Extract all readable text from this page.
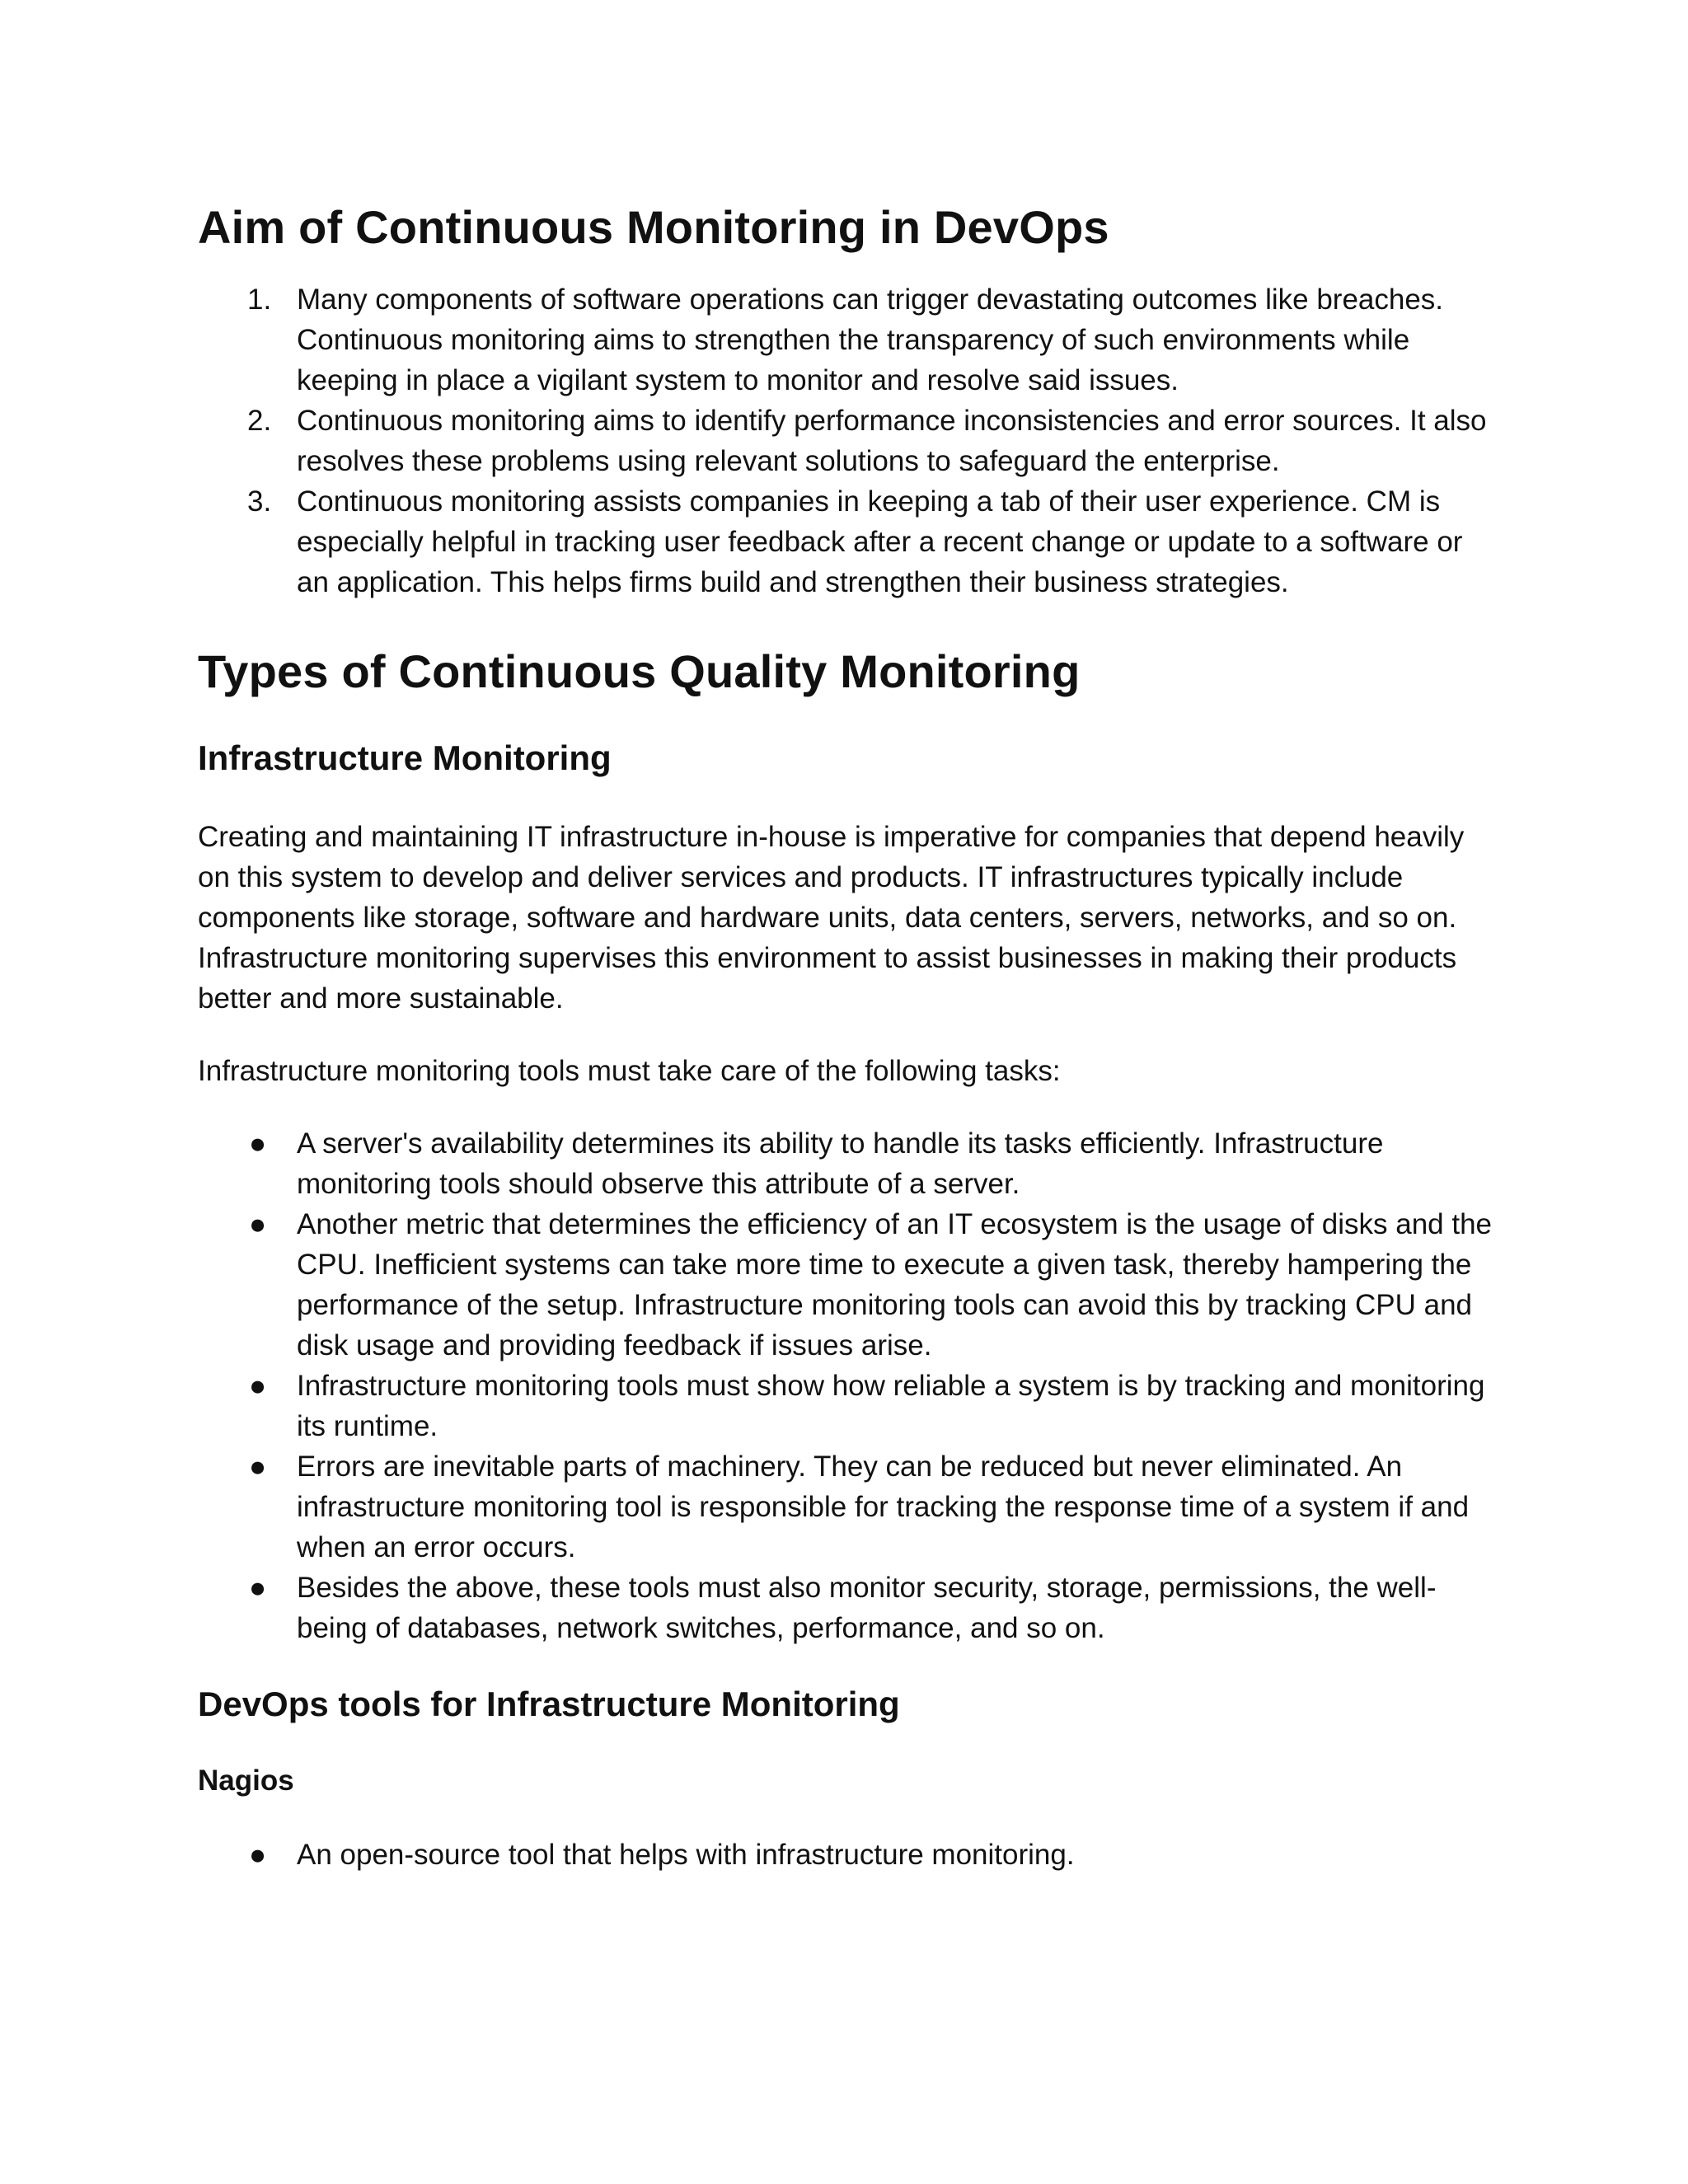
Aim of Continuous Monitoring in DevOps
1. Many components of software operations can trigger devastating outcomes like breaches. Continuous monitoring aims to strengthen the transparency of such environments while keeping in place a vigilant system to monitor and resolve said issues.
2. Continuous monitoring aims to identify performance inconsistencies and error sources. It also resolves these problems using relevant solutions to safeguard the enterprise.
3. Continuous monitoring assists companies in keeping a tab of their user experience. CM is especially helpful in tracking user feedback after a recent change or update to a software or an application. This helps firms build and strengthen their business strategies.
Types of Continuous Quality Monitoring
Infrastructure Monitoring

Creating and maintaining IT infrastructure in-house is imperative for companies that depend heavily on this system to develop and deliver services and products. IT infrastructures typically include components like storage, software and hardware units, data centers, servers, networks, and so on. Infrastructure monitoring supervises this environment to assist businesses in making their products better and more sustainable.

Infrastructure monitoring tools must take care of the following tasks:

● A server's availability determines its ability to handle its tasks efficiently. Infrastructure monitoring tools should observe this attribute of a server.
● Another metric that determines the efficiency of an IT ecosystem is the usage of disks and the CPU. Inefficient systems can take more time to execute a given task, thereby hampering the performance of the setup. Infrastructure monitoring tools can avoid this by tracking CPU and disk usage and providing feedback if issues arise.
● Infrastructure monitoring tools must show how reliable a system is by tracking and monitoring its runtime.
● Errors are inevitable parts of machinery. They can be reduced but never eliminated. An infrastructure monitoring tool is responsible for tracking the response time of a system if and when an error occurs.
● Besides the above, these tools must also monitor security, storage, permissions, the well-being of databases, network switches, performance, and so on.
DevOps tools for Infrastructure Monitoring
Nagios
● An open-source tool that helps with infrastructure monitoring.
